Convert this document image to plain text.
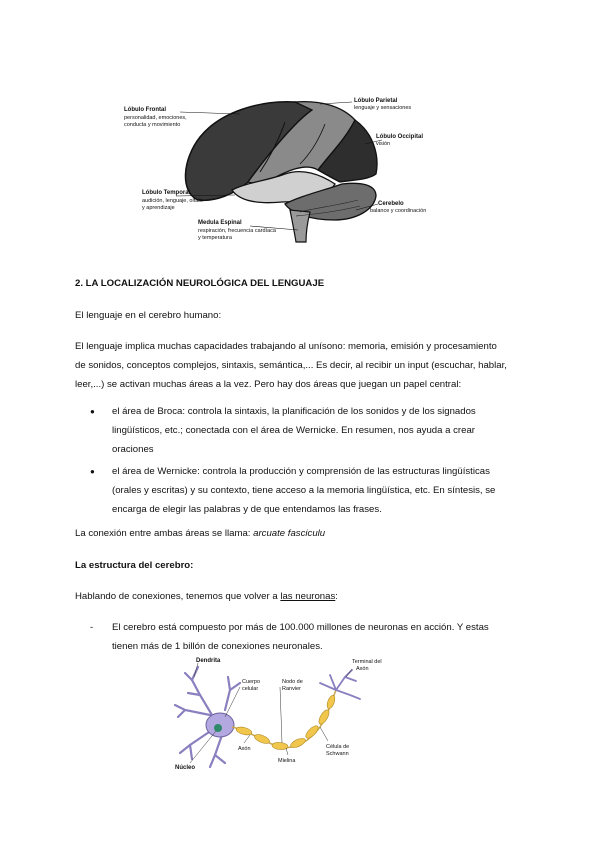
Lóbulo Frontal
personalidad, emociones,
conducta y movimiento
Lóbulo Parietal
lenguaje y sensaciones
Lóbulo Occipital
visión
Lóbulo Temporal
audición, lenguaje, olfato
y aprendizaje
Cerebelo
balance y coordinación
Medula Espinal
respiración, frecuencia cardíaca
y temperatura

2. LA LOCALIZACIÓN NEUROLÓGICA DEL LENGUAJE

El lenguaje en el cerebro humano:

El lenguaje implica muchas capacidades trabajando al unísono: memoria, emisión y procesamiento
de sonidos, conceptos complejos, sintaxis, semántica,... Es decir, al recibir un input (escuchar, hablar,
leer,...) se activan muchas áreas a la vez. Pero hay dos áreas que juegan un papel central:
● el área de Broca: controla la sintaxis, la planificación de los sonidos y de los signados
lingüísticos, etc.; conectada con el área de Wernicke. En resumen, nos ayuda a crear
oraciones
● el área de Wernicke: controla la producción y comprensión de las estructuras lingüísticas
(orales y escritas) y su contexto, tiene acceso a la memoria lingüística, etc. En síntesis, se
encarga de elegir las palabras y de que entendamos las frases.

La conexión entre ambas áreas se llama: arcuate fasciculu

La estructura del cerebro:

Hablando de conexiones, tenemos que volver a las neuronas:

- El cerebro está compuesto por más de 100.000 millones de neuronas en acción. Y estas
tienen más de 1 billón de conexiones neuronales.
Dendrita
Cuerpo
celular
Nodo de
Ranvier
Terminal del
Axón
Célula de
Schwann
Axón
Núcleo
Mielina
